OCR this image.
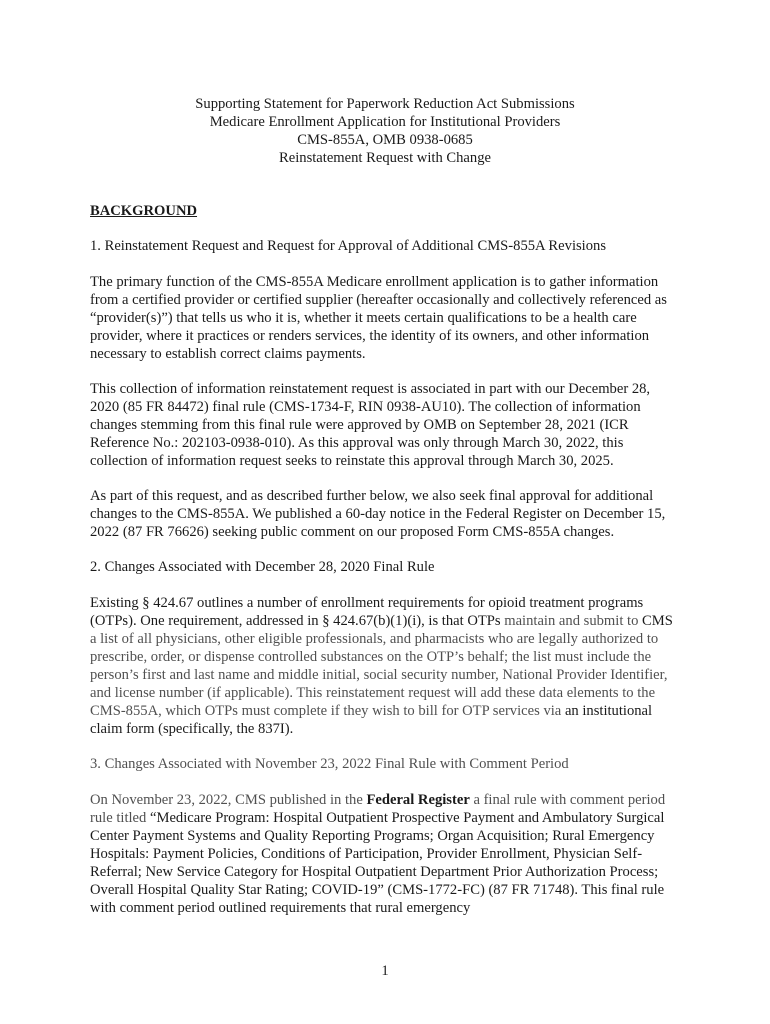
Supporting Statement for Paperwork Reduction Act Submissions
Medicare Enrollment Application for Institutional Providers
CMS-855A, OMB 0938-0685
Reinstatement Request with Change
BACKGROUND
1. Reinstatement Request and Request for Approval of Additional CMS-855A Revisions

The primary function of the CMS-855A Medicare enrollment application is to gather information from a certified provider or certified supplier (hereafter occasionally and collectively referenced as “provider(s)”) that tells us who it is, whether it meets certain qualifications to be a health care provider, where it practices or renders services, the identity of its owners, and other information necessary to establish correct claims payments.

This collection of information reinstatement request is associated in part with our December 28, 2020 (85 FR 84472) final rule (CMS-1734-F, RIN 0938-AU10). The collection of information changes stemming from this final rule were approved by OMB on September 28, 2021 (ICR Reference No.: 202103-0938-010). As this approval was only through March 30, 2022, this collection of information request seeks to reinstate this approval through March 30, 2025.

As part of this request, and as described further below, we also seek final approval for additional changes to the CMS-855A. We published a 60-day notice in the Federal Register on December 15, 2022 (87 FR 76626) seeking public comment on our proposed Form CMS-855A changes.

2. Changes Associated with December 28, 2020 Final Rule

Existing § 424.67 outlines a number of enrollment requirements for opioid treatment programs (OTPs). One requirement, addressed in § 424.67(b)(1)(i), is that OTPs maintain and submit to CMS a list of all physicians, other eligible professionals, and pharmacists who are legally authorized to prescribe, order, or dispense controlled substances on the OTP’s behalf; the list must include the person’s first and last name and middle initial, social security number, National Provider Identifier, and license number (if applicable). This reinstatement request will add these data elements to the CMS-855A, which OTPs must complete if they wish to bill for OTP services via an institutional claim form (specifically, the 837I).

3. Changes Associated with November 23, 2022 Final Rule with Comment Period

On November 23, 2022, CMS published in the Federal Register a final rule with comment period rule titled “Medicare Program: Hospital Outpatient Prospective Payment and Ambulatory Surgical Center Payment Systems and Quality Reporting Programs; Organ Acquisition; Rural Emergency Hospitals: Payment Policies, Conditions of Participation, Provider Enrollment, Physician Self-Referral; New Service Category for Hospital Outpatient Department Prior Authorization Process; Overall Hospital Quality Star Rating; COVID-19” (CMS-1772-FC) (87 FR 71748). This final rule with comment period outlined requirements that rural emergency

1
